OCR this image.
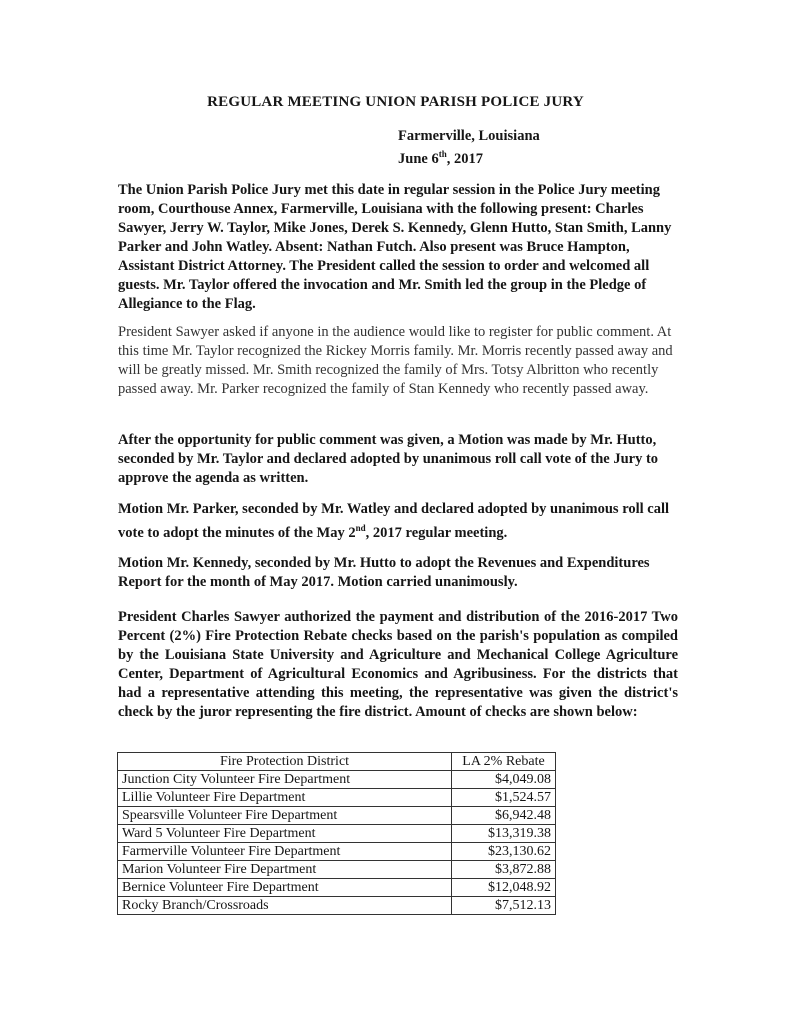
REGULAR MEETING UNION PARISH POLICE JURY
Farmerville, Louisiana
June 6th, 2017

The Union Parish Police Jury met this date in regular session in the Police Jury meeting room, Courthouse Annex, Farmerville, Louisiana with the following present: Charles Sawyer, Jerry W. Taylor, Mike Jones, Derek S. Kennedy, Glenn Hutto, Stan Smith, Lanny Parker and John Watley. Absent: Nathan Futch. Also present was Bruce Hampton, Assistant District Attorney. The President called the session to order and welcomed all guests. Mr. Taylor offered the invocation and Mr. Smith led the group in the Pledge of Allegiance to the Flag.

President Sawyer asked if anyone in the audience would like to register for public comment. At this time Mr. Taylor recognized the Rickey Morris family. Mr. Morris recently passed away and will be greatly missed. Mr. Smith recognized the family of Mrs. Totsy Albritton who recently passed away. Mr. Parker recognized the family of Stan Kennedy who recently passed away.

After the opportunity for public comment was given, a Motion was made by Mr. Hutto, seconded by Mr. Taylor and declared adopted by unanimous roll call vote of the Jury to approve the agenda as written.

Motion Mr. Parker, seconded by Mr. Watley and declared adopted by unanimous roll call vote to adopt the minutes of the May 2nd, 2017 regular meeting.

Motion Mr. Kennedy, seconded by Mr. Hutto to adopt the Revenues and Expenditures Report for the month of May 2017. Motion carried unanimously.

President Charles Sawyer authorized the payment and distribution of the 2016-2017 Two Percent (2%) Fire Protection Rebate checks based on the parish's population as compiled by the Louisiana State University and Agriculture and Mechanical College Agriculture Center, Department of Agricultural Economics and Agribusiness. For the districts that had a representative attending this meeting, the representative was given the district's check by the juror representing the fire district. Amount of checks are shown below:

Fire Protection District	LA 2% Rebate
Junction City Volunteer Fire Department	$4,049.08
Lillie Volunteer Fire Department	$1,524.57
Spearsville Volunteer Fire Department	$6,942.48
Ward 5 Volunteer Fire Department	$13,319.38
Farmerville Volunteer Fire Department	$23,130.62
Marion Volunteer Fire Department	$3,872.88
Bernice Volunteer Fire Department	$12,048.92
Rocky Branch/Crossroads	$7,512.13
